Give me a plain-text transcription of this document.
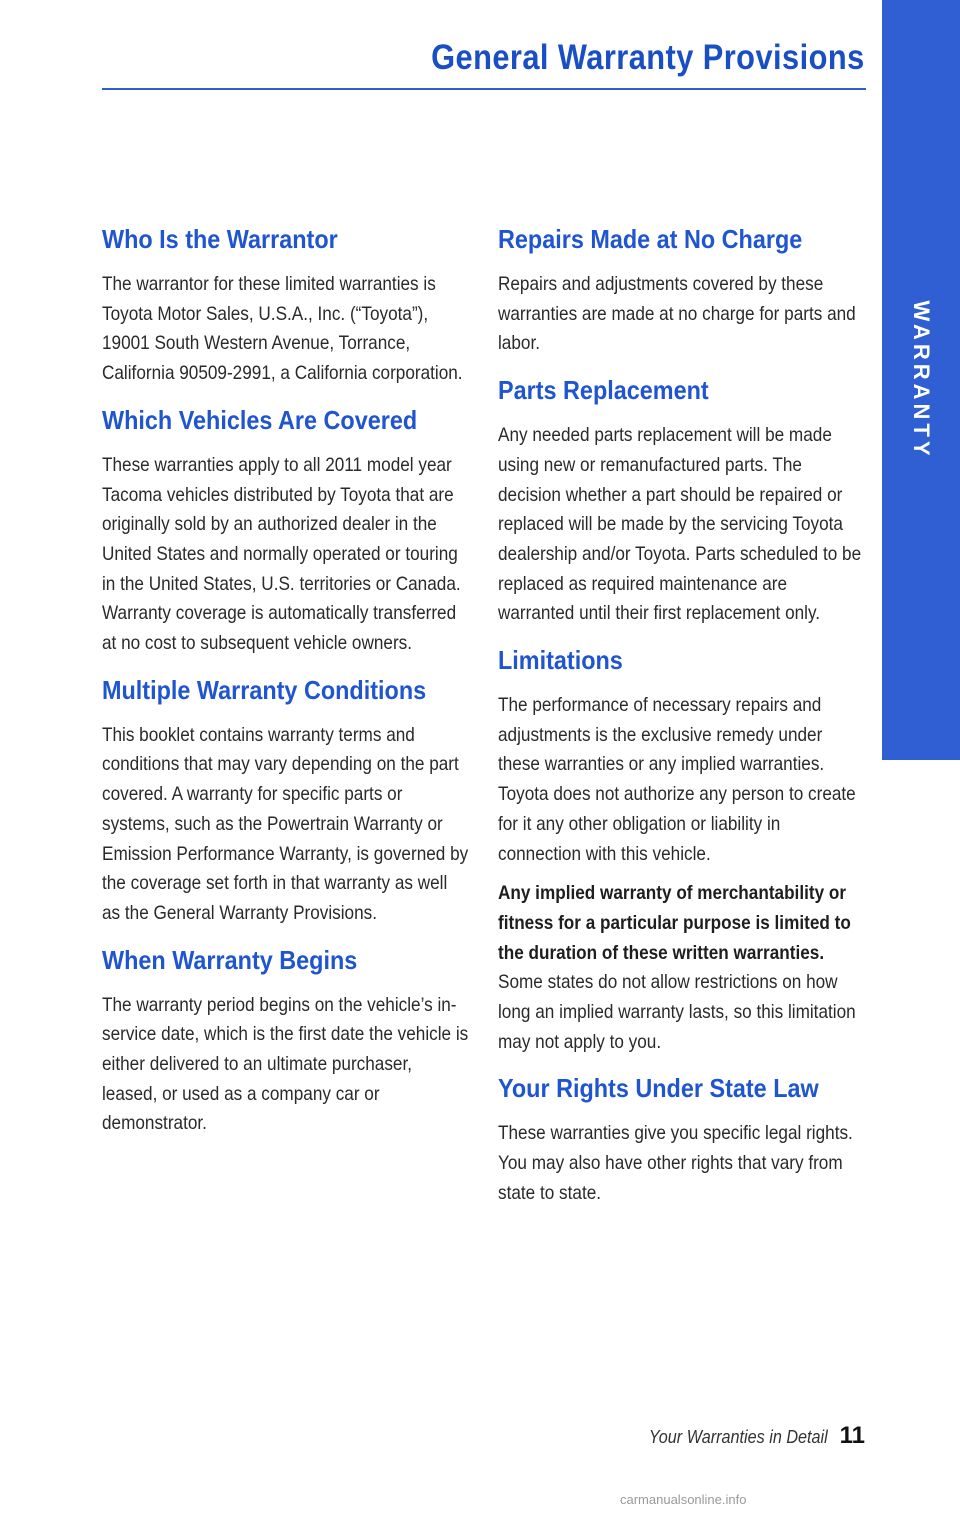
General Warranty Provisions
WARRANTY
Who Is the Warrantor

The warrantor for these limited warranties is Toyota Motor Sales, U.S.A., Inc. (“Toyota”), 19001 South Western Avenue, Torrance, California 90509-2991, a California corporation.

Which Vehicles Are Covered

These warranties apply to all 2011 model year Tacoma vehicles distributed by Toyota that are originally sold by an authorized dealer in the United States and normally operated or touring in the United States, U.S. territories or Canada. Warranty coverage is automatically transferred at no cost to subsequent vehicle owners.

Multiple Warranty Conditions

This booklet contains warranty terms and conditions that may vary depending on the part covered. A warranty for specific parts or systems, such as the Powertrain Warranty or Emission Performance Warranty, is governed by the coverage set forth in that warranty as well as the General Warranty Provisions.

When Warranty Begins

The warranty period begins on the vehicle’s in-service date, which is the first date the vehicle is either delivered to an ultimate purchaser, leased, or used as a company car or demonstrator.

Repairs Made at No Charge

Repairs and adjustments covered by these warranties are made at no charge for parts and labor.

Parts Replacement

Any needed parts replacement will be made using new or remanufactured parts. The decision whether a part should be repaired or replaced will be made by the servicing Toyota dealership and/or Toyota. Parts scheduled to be replaced as required maintenance are warranted until their first replacement only.

Limitations

The performance of necessary repairs and adjustments is the exclusive remedy under these warranties or any implied warranties. Toyota does not authorize any person to create for it any other obligation or liability in connection with this vehicle.

Any implied warranty of merchantability or fitness for a particular purpose is limited to the duration of these written warranties. Some states do not allow restrictions on how long an implied warranty lasts, so this limitation may not apply to you.

Your Rights Under State Law

These warranties give you specific legal rights. You may also have other rights that vary from state to state.

Your Warranties in Detail 11
carmanualsonline.info
